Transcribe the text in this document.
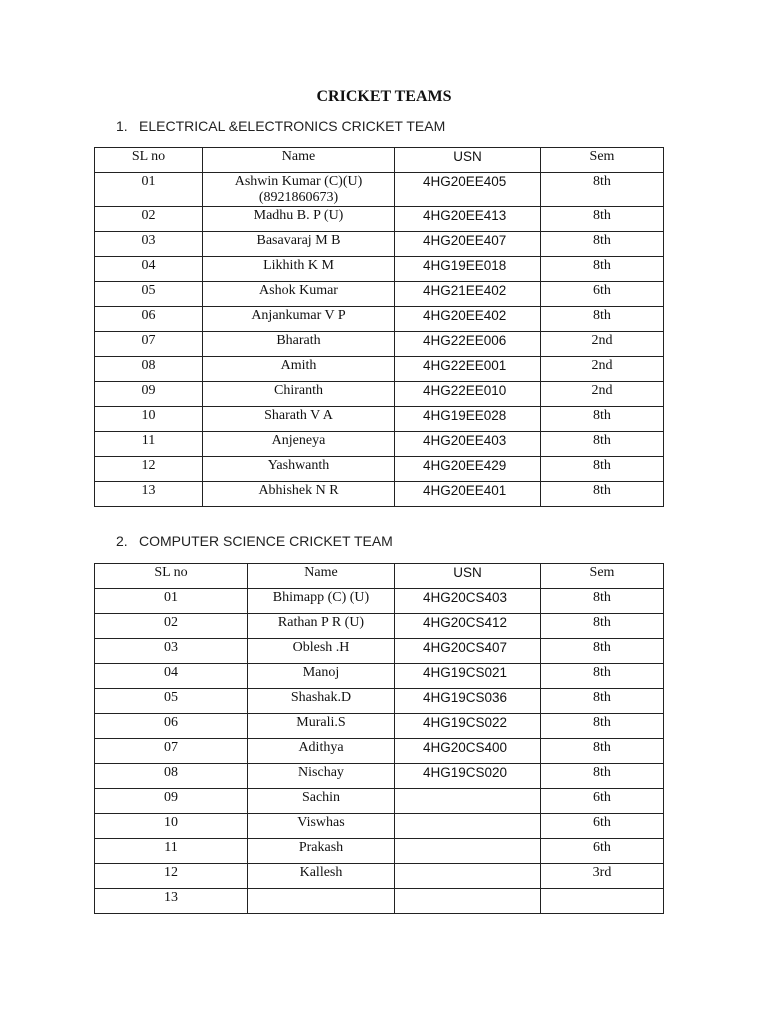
CRICKET TEAMS
1. ELECTRICAL &ELECTRONICS CRICKET TEAM
SL no	Name	USN	Sem
01	Ashwin Kumar (C)(U)
(8921860673)	4HG20EE405	8th
02	Madhu B. P (U)	4HG20EE413	8th
03	Basavaraj M B	4HG20EE407	8th
04	Likhith K M	4HG19EE018	8th
05	Ashok Kumar	4HG21EE402	6th
06	Anjankumar V P	4HG20EE402	8th
07	Bharath	4HG22EE006	2nd
08	Amith	4HG22EE001	2nd
09	Chiranth	4HG22EE010	2nd
10	Sharath V A	4HG19EE028	8th
11	Anjeneya	4HG20EE403	8th
12	Yashwanth	4HG20EE429	8th
13	Abhishek N R	4HG20EE401	8th
2. COMPUTER SCIENCE CRICKET TEAM
SL no	Name	USN	Sem
01	Bhimapp (C) (U)	4HG20CS403	8th
02	Rathan P R (U)	4HG20CS412	8th
03	Oblesh .H	4HG20CS407	8th
04	Manoj	4HG19CS021	8th
05	Shashak.D	4HG19CS036	8th
06	Murali.S	4HG19CS022	8th
07	Adithya	4HG20CS400	8th
08	Nischay	4HG19CS020	8th
09	Sachin		6th
10	Viswhas		6th
11	Prakash		6th
12	Kallesh		3rd
13			
